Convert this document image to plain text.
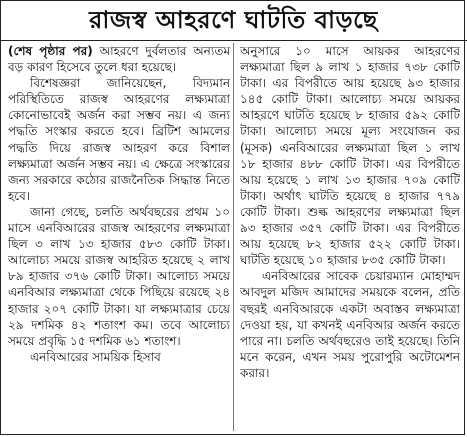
রাজস্ব আহরণে ঘাটতি বাড়ছে

(শেষ পৃষ্ঠার পর) আহরণে দুর্বলতার অন্যতম বড় কারণ হিসেবে তুলে ধরা হয়েছে।

বিশেষজ্ঞরা জানিয়েছেন, বিদ্যমান পরিস্থিতিতে রাজস্ব আহরণের লক্ষ্যমাত্রা কোনোভাবেই অর্জন করা সম্ভব নয়। এ জন্য পদ্ধতি সংস্কার করতে হবে। ব্রিটিশ আমলের পদ্ধতি দিয়ে রাজস্ব আহরণ করে বিশাল লক্ষ্যমাত্রা অর্জন সম্ভব নয়। এ ক্ষেত্রে সংস্কারের জন্য সরকারে কঠোর রাজনৈতিক সিদ্ধান্ত নিতে হবে।

জানা গেছে, চলতি অর্থবছরের প্রথম ১০ মাসে এনবিআরের রাজস্ব আহরণের লক্ষ্যমাত্রা ছিল ৩ লাখ ১৩ হাজার ৫৮৩ কোটি টাকা। আলোচ্য সময়ে রাজস্ব আহরিত হয়েছে ২ লাখ ৮৯ হাজার ৩৭৬ কোটি টাকা। আলোচ্য সময়ে এনবিআর লক্ষ্যমাত্রা থেকে পিছিয়ে রয়েছে ২৪ হাজার ২০৭ কোটি টাকা। যা লক্ষ্যমাত্রার চেয়ে ২৯ দশমিক ৪২ শতাংশ কম। তবে আলোচ্য সময়ে প্রবৃদ্ধি ১৫ দশমিক ৬১ শতাংশ।

এনবিআরের সাময়িক হিসাব

অনুসারে ১০ মাসে আয়কর আহরণের লক্ষ্যমাত্রা ছিল ৯ লাখ ১ হাজার ৭৩৮ কোটি টাকা। এর বিপরীতে আয় হয়েছে ৯৩ হাজার ১৪৫ কোটি টাকা। আলোচ্য সময়ে আয়কর আহরণে ঘাটতি হয়েছে ৮ হাজার ৫৯২ কোটি টাকা। আলোচ্য সময়ে মূল্য সংযোজন কর (মূসক) এনবিআরের লক্ষ্যমাত্রা ছিল ১ লাখ ১৮ হাজার ৪৮৮ কোটি টাকা। এর বিপরীতে আয় হয়েছে ১ লাখ ১৩ হাজার ৭০৯ কোটি টাকা। অর্থাৎ ঘাটতি হয়েছে ৪ হাজার ৭৭৯ কোটি টাকা। শুল্ক আহরণের লক্ষ্যমাত্রা ছিল ৯৩ হাজার ৩৫৭ কোটি টাকা। এর বিপরীতে আয় হয়েছে ৮২ হাজার ৫২২ কোটি টাকা। ঘাটতি হয়েছে ১০ হাজার ৮৩৫ কোটি টাকা।

এনবিআরের সাবেক চেয়ারম্যান মোহাম্মদ আবদুল মজিদ আমাদের সময়কে বলেন, প্রতি বছরই এনবিআরকে একটা অবাস্তব লক্ষ্যমাত্রা দেওয়া হয়, যা কখনই এনবিআর অর্জন করতে পারে না। চলতি অর্থবছরেও তাই হয়েছে। তিনি মনে করেন, এখন সময় পুরোপুরি অটোমেশন করার।
